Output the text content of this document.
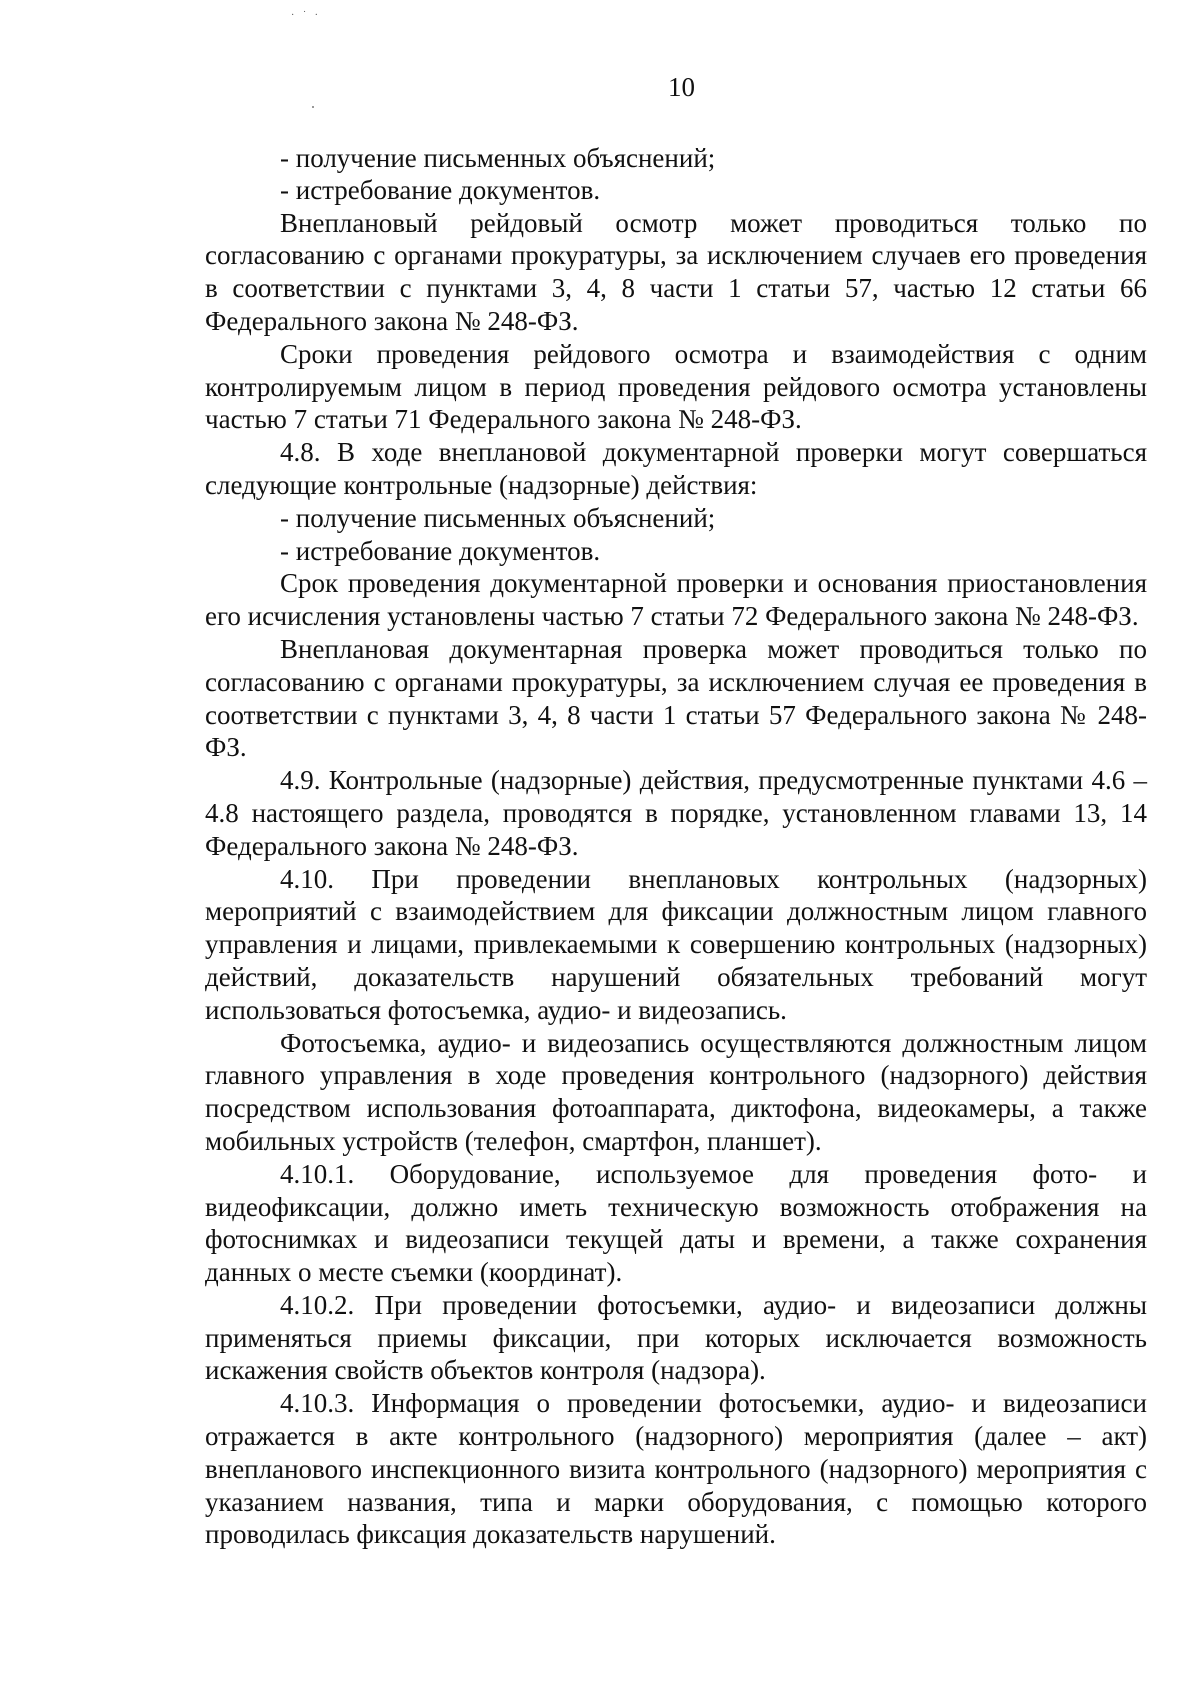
· ˙ ·
10

- получение письменных объяснений;

- истребование документов.

Внеплановый рейдовый осмотр может проводиться только по согласованию с органами прокуратуры, за исключением случаев его проведения в соответствии с пунктами 3, 4, 8 части 1 статьи 57, частью 12 статьи 66 Федерального закона № 248-ФЗ.

Сроки проведения рейдового осмотра и взаимодействия с одним контролируемым лицом в период проведения рейдового осмотра установлены частью 7 статьи 71 Федерального закона № 248-ФЗ.

4.8. В ходе внеплановой документарной проверки могут совершаться следующие контрольные (надзорные) действия:

- получение письменных объяснений;

- истребование документов.

Срок проведения документарной проверки и основания приостановления его исчисления установлены частью 7 статьи 72 Федерального закона № 248-ФЗ.

Внеплановая документарная проверка может проводиться только по согласованию с органами прокуратуры, за исключением случая ее проведения в соответствии с пунктами 3, 4, 8 части 1 статьи 57 Федерального закона № 248-ФЗ.

4.9. Контрольные (надзорные) действия, предусмотренные пунктами 4.6 – 4.8 настоящего раздела, проводятся в порядке, установленном главами 13, 14 Федерального закона № 248-ФЗ.

4.10. При проведении внеплановых контрольных (надзорных) мероприятий с взаимодействием для фиксации должностным лицом главного управления и лицами, привлекаемыми к совершению контрольных (надзорных) действий, доказательств нарушений обязательных требований могут использоваться фотосъемка, аудио- и видеозапись.

Фотосъемка, аудио- и видеозапись осуществляются должностным лицом главного управления в ходе проведения контрольного (надзорного) действия посредством использования фотоаппарата, диктофона, видеокамеры, а также мобильных устройств (телефон, смартфон, планшет).

4.10.1. Оборудование, используемое для проведения фото- и видеофиксации, должно иметь техническую возможность отображения на фотоснимках и видеозаписи текущей даты и времени, а также сохранения данных о месте съемки (координат).

4.10.2. При проведении фотосъемки, аудио- и видеозаписи должны применяться приемы фиксации, при которых исключается возможность искажения свойств объектов контроля (надзора).

4.10.3. Информация о проведении фотосъемки, аудио- и видеозаписи отражается в акте контрольного (надзорного) мероприятия (далее – акт) внепланового инспекционного визита контрольного (надзорного) мероприятия с указанием названия, типа и марки оборудования, с помощью которого проводилась фиксация доказательств нарушений.
